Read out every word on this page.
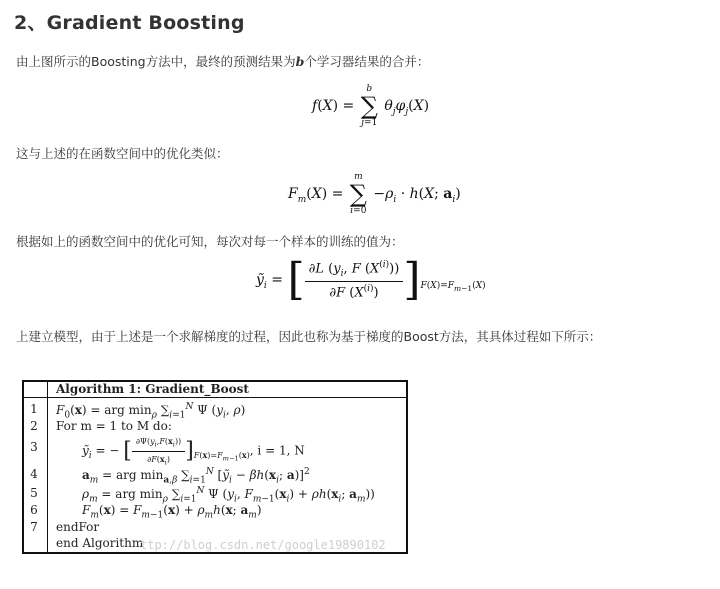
2、Gradient Boosting
由上图所示的Boosting方法中，最终的预测结果为b个学习器结果的合并：
f(X) =
b
∑
j=1
$\theta_j\varphi_j(X)$
这与上述的在函数空间中的优化类似：
$F_m(X)$ =
m
∑
i=0
$-\rho_i \cdot h(X$; $a_i$)
根据如上的函数空间中的优化可知，每次对每一个样本的训练的值为：
ỹ$_i$ = [ $\frac{\partial L (y_i, F (X^{(i)}))}{\partial F (X^{(i)})} ]_{F(X)=F_{m-1}(X)}$
上建立模型，由于上述是一个求解梯度的过程，因此也称为基于梯度的Boost方法，其具体过程如下所示：
Algorithm 1: Gradient_Boost
1
2
3
4
5
6
7
$F_0(x)$ = arg $\min_\rho \sum_{i=1}^N$ Ψ ($y_i$, ρ)
For m = 1 to M do:
ỹ$_i$ = − [ $\frac{\partial\Psi(y_i,F(x_i))}{\partial F(x_i)} ]_{F(x)=F_{m-1}(x)}$, i = 1, N
$a_m$ = arg $\min_{a,\beta} \sum_{i=1}^N$ [ỹ$_i$ − $\beta h(x_i$; a)]$^2$
$\rho_m$ = arg $\min_\rho \sum_{i=1}^N$ Ψ ($y_i$, $F_{m-1}(x_i) + \rho h(x_i$; $a_m$))
$F_m(x) = F_{m-1}(x) + \rho_mh(x$; $a_m$)
endFor
end Algorithm
ttp://blog.csdn.net/google19890102
